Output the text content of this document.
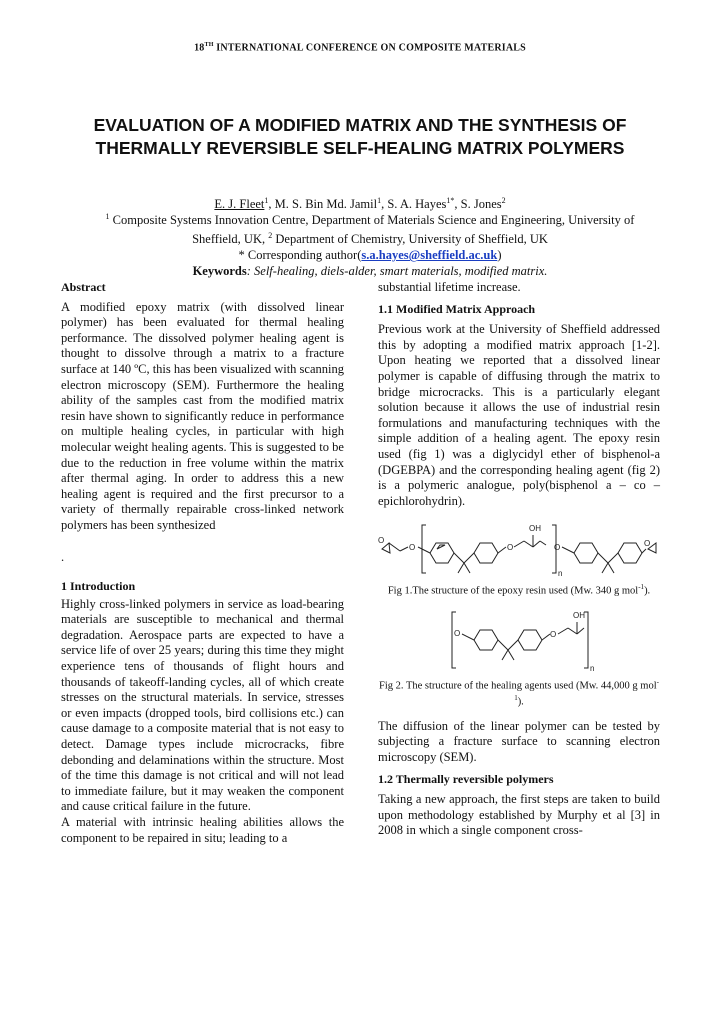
18TH INTERNATIONAL CONFERENCE ON COMPOSITE MATERIALS
EVALUATION OF A MODIFIED MATRIX AND THE SYNTHESIS OF THERMALLY REVERSIBLE SELF-HEALING MATRIX POLYMERS
E. J. Fleet$^1$, M. S. Bin Md. Jamil$^1$, S. A. Hayes$^{1*}$, S. Jones$^2$
$^1$ Composite Systems Innovation Centre, Department of Materials Science and Engineering, University of Sheffield, UK, $^2$ Department of Chemistry, University of Sheffield, UK
* Corresponding author(s.a.hayes@sheffield.ac.uk)
Keywords: Self-healing, diels-alder, smart materials, modified matrix.

Abstract

A modified epoxy matrix (with dissolved linear polymer) has been evaluated for thermal healing performance. The dissolved polymer healing agent is thought to dissolve through a matrix to a fracture surface at 140 ºC, this has been visualized with scanning electron microscopy (SEM). Furthermore the healing ability of the samples cast from the modified matrix resin have shown to significantly reduce in performance on multiple healing cycles, in particular with high molecular weight healing agents. This is suggested to be due to the reduction in free volume within the matrix after thermal aging. In order to address this a new healing agent is required and the first precursor to a variety of thermally repairable cross-linked network polymers has been synthesized

.

1 Introduction

Highly cross-linked polymers in service as load-bearing materials are susceptible to mechanical and thermal degradation. Aerospace parts are expected to have a service life of over 25 years; during this time they might experience tens of thousands of flight hours and thousands of takeoff-landing cycles, all of which create stresses on the structural materials. In service, stresses or even impacts (dropped tools, bird collisions etc.) can cause damage to a composite material that is not easy to detect. Damage types include microcracks, fibre debonding and delaminations within the structure. Most of the time this damage is not critical and will not lead to immediate failure, but it may weaken the component and cause critical failure in the future.

A material with intrinsic healing abilities allows the component to be repaired in situ; leading to a

substantial lifetime increase.

1.1 Modified Matrix Approach

Previous work at the University of Sheffield addressed this by adopting a modified matrix approach [1-2]. Upon heating we reported that a dissolved linear polymer is capable of diffusing through the matrix to bridge microcracks. This is a particularly elegant solution because it allows the use of industrial resin formulations and manufacturing techniques with the simple addition of a healing agent. The epoxy resin used (fig 1) was a diglycidyl ether of bisphenol-a (DGEBPA) and the corresponding healing agent (fig 2) is a polymeric analogue, poly(bisphenol a – co – epichlorohydrin).

O
O	O
OH
O
n
O

Fig 1.The structure of the epoxy resin used (Mw. 340 g mol$^{-1}$).

O	O
OH
n

Fig 2. The structure of the healing agents used (Mw. 44,000 g mol$^{-1}$).

The diffusion of the linear polymer can be tested by subjecting a fracture surface to scanning electron microscopy (SEM).

1.2 Thermally reversible polymers

Taking a new approach, the first steps are taken to build upon methodology established by Murphy et al [3] in 2008 in which a single component cross-
